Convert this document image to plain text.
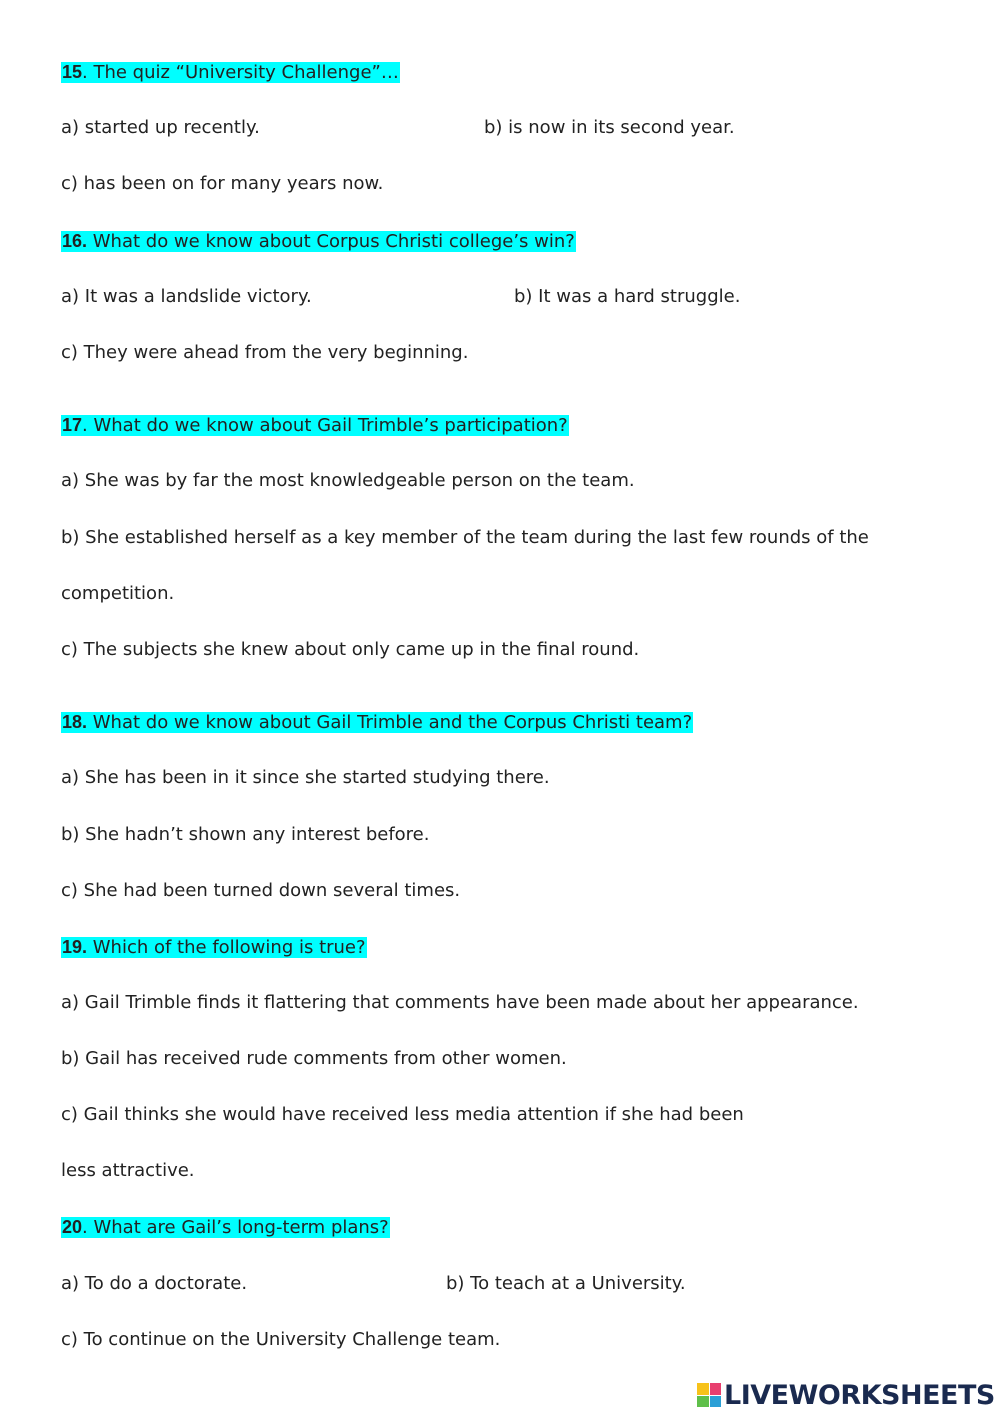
15. The quiz “University Challenge”…
a) started up recently.	b) is now in its second year.
c) has been on for many years now.
16. What do we know about Corpus Christi college’s win?
a) It was a landslide victory.	b) It was a hard struggle.
c) They were ahead from the very beginning.
17. What do we know about Gail Trimble’s participation?
a) She was by far the most knowledgeable person on the team.
b) She established herself as a key member of the team during the last few rounds of the
competition.
c) The subjects she knew about only came up in the final round.
18. What do we know about Gail Trimble and the Corpus Christi team?
a) She has been in it since she started studying there.
b) She hadn’t shown any interest before.
c) She had been turned down several times.
19. Which of the following is true?
a) Gail Trimble finds it flattering that comments have been made about her appearance.
b) Gail has received rude comments from other women.
c) Gail thinks she would have received less media attention if she had been
less attractive.
20. What are Gail’s long-term plans?
a) To do a doctorate.	b) To teach at a University.
c) To continue on the University Challenge team.
LIVEWORKSHEETS
